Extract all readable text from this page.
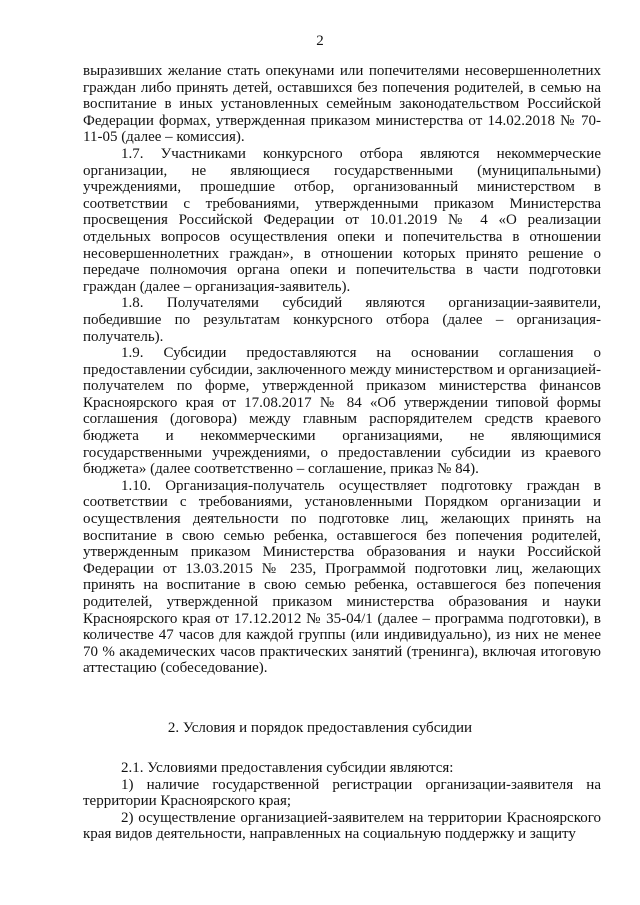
2

выразивших желание стать опекунами или попечителями несовершеннолетних граждан либо принять детей, оставшихся без попечения родителей, в семью на воспитание в иных установленных семейным законодательством Российской Федерации формах, утвержденная приказом министерства от 14.02.2018 № 70-11-05 (далее – комиссия).

1.7. Участниками конкурсного отбора являются некоммерческие организации, не являющиеся государственными (муниципальными) учреждениями, прошедшие отбор, организованный министерством в соответствии с требованиями, утвержденными приказом Министерства просвещения Российской Федерации от 10.01.2019 № 4 «О реализации отдельных вопросов осуществления опеки и попечительства в отношении несовершеннолетних граждан», в отношении которых принято решение о передаче полномочия органа опеки и попечительства в части подготовки граждан (далее – организация-заявитель).

1.8. Получателями субсидий являются организации-заявители, победившие по результатам конкурсного отбора (далее – организация-получатель).

1.9. Субсидии предоставляются на основании соглашения о предоставлении субсидии, заключенного между министерством и организацией-получателем по форме, утвержденной приказом министерства финансов Красноярского края от 17.08.2017 № 84 «Об утверждении типовой формы соглашения (договора) между главным распорядителем средств краевого бюджета и некоммерческими организациями, не являющимися государственными учреждениями, о предоставлении субсидии из краевого бюджета» (далее соответственно – соглашение, приказ № 84).

1.10. Организация-получатель осуществляет подготовку граждан в соответствии с требованиями, установленными Порядком организации и осуществления деятельности по подготовке лиц, желающих принять на воспитание в свою семью ребенка, оставшегося без попечения родителей, утвержденным приказом Министерства образования и науки Российской Федерации от 13.03.2015 № 235, Программой подготовки лиц, желающих принять на воспитание в свою семью ребенка, оставшегося без попечения родителей, утвержденной приказом министерства образования и науки Красноярского края от 17.12.2012 № 35-04/1 (далее – программа подготовки), в количестве 47 часов для каждой группы (или индивидуально), из них не менее 70 % академических часов практических занятий (тренинга), включая итоговую аттестацию (собеседование).

2. Условия и порядок предоставления субсидии

2.1. Условиями предоставления субсидии являются:

1) наличие государственной регистрации организации-заявителя на территории Красноярского края;

2) осуществление организацией-заявителем на территории Красноярского края видов деятельности, направленных на социальную поддержку и защиту
